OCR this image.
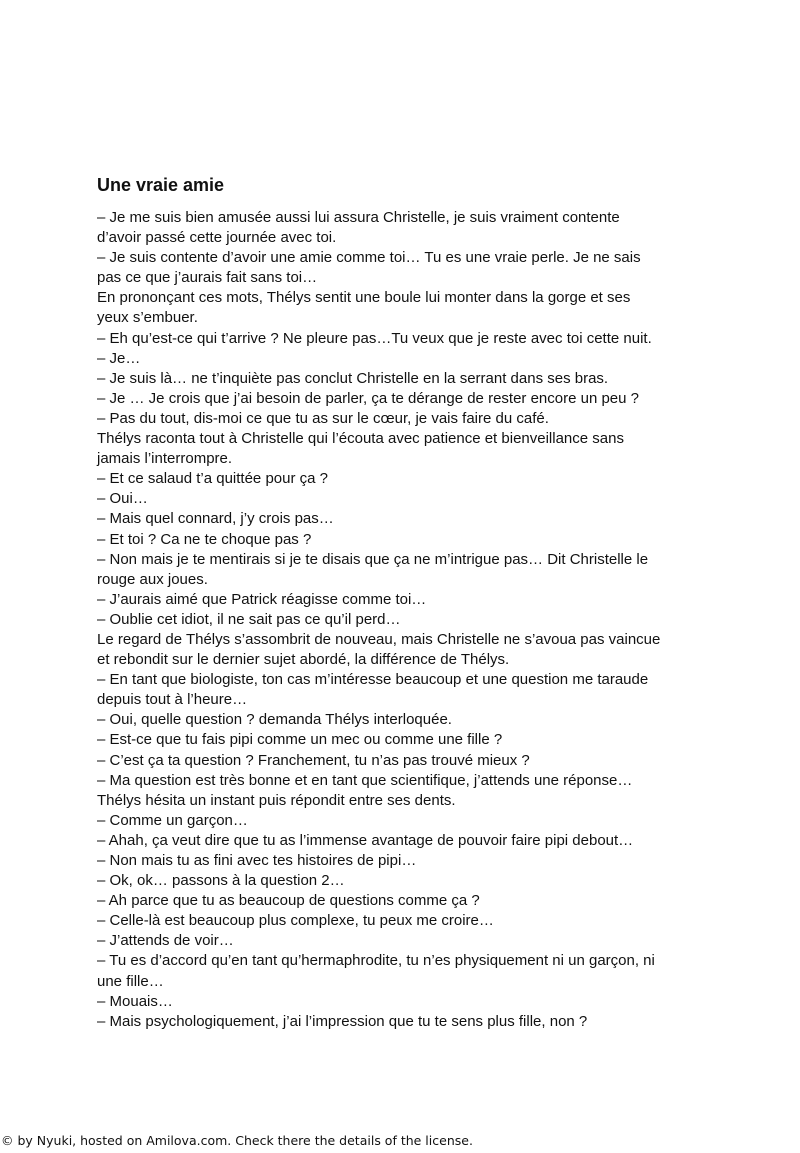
Une vraie amie
– Je me suis bien amusée aussi lui assura Christelle, je suis vraiment contente
d’avoir passé cette journée avec toi.
– Je suis contente d’avoir une amie comme toi… Tu es une vraie perle. Je ne sais
pas ce que j’aurais fait sans toi…
En prononçant ces mots, Thélys sentit une boule lui monter dans la gorge et ses
yeux s’embuer.
– Eh qu’est-ce qui t’arrive ? Ne pleure pas…Tu veux que je reste avec toi cette nuit.
– Je…
– Je suis là… ne t’inquiète pas conclut Christelle en la serrant dans ses bras.
– Je … Je crois que j’ai besoin de parler, ça te dérange de rester encore un peu ?
– Pas du tout, dis-moi ce que tu as sur le cœur, je vais faire du café.
Thélys raconta tout à Christelle qui l’écouta avec patience et bienveillance sans
jamais l’interrompre.
– Et ce salaud t’a quittée pour ça ?
– Oui…
– Mais quel connard, j’y crois pas…
– Et toi ? Ca ne te choque pas ?
– Non mais je te mentirais si je te disais que ça ne m’intrigue pas… Dit Christelle le
rouge aux joues.
– J’aurais aimé que Patrick réagisse comme toi…
– Oublie cet idiot, il ne sait pas ce qu’il perd…
Le regard de Thélys s’assombrit de nouveau, mais Christelle ne s’avoua pas vaincue
et rebondit sur le dernier sujet abordé, la différence de Thélys.
– En tant que biologiste, ton cas m’intéresse beaucoup et une question me taraude
depuis tout à l’heure…
– Oui, quelle question ? demanda Thélys interloquée.
– Est-ce que tu fais pipi comme un mec ou comme une fille ?
– C’est ça ta question ? Franchement, tu n’as pas trouvé mieux ?
– Ma question est très bonne et en tant que scientifique, j’attends une réponse…
Thélys hésita un instant puis répondit entre ses dents.
– Comme un garçon…
– Ahah, ça veut dire que tu as l’immense avantage de pouvoir faire pipi debout…
– Non mais tu as fini avec tes histoires de pipi…
– Ok, ok… passons à la question 2…
– Ah parce que tu as beaucoup de questions comme ça ?
– Celle-là est beaucoup plus complexe, tu peux me croire…
– J’attends de voir…
– Tu es d’accord qu’en tant qu’hermaphrodite, tu n’es physiquement ni un garçon, ni
une fille…
– Mouais…
– Mais psychologiquement, j’ai l’impression que tu te sens plus fille, non ?
© by Nyuki, hosted on Amilova.com. Check there the details of the license.
